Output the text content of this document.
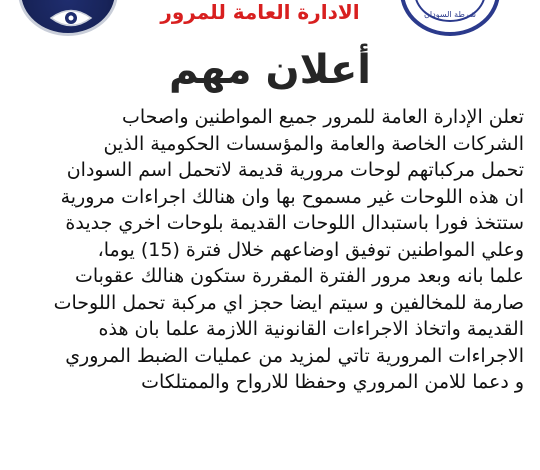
الادارة العامة للمرور	شرطة السودان
أعلان مهم
تعلن الإدارة العامة للمرور جميع المواطنين واصحاب
الشركات الخاصة والعامة والمؤسسات الحكومية الذين
تحمل مركباتهم لوحات مرورية قديمة لاتحمل اسم السودان
ان هذه اللوحات غير مسموح بها وان هنالك اجراءات مرورية
ستتخذ فورا باستبدال اللوحات القديمة بلوحات اخري جديدة
وعلي المواطنين توفيق اوضاعهم خلال فترة (15) يوما،
علما بانه وبعد مرور الفترة المقررة ستكون هنالك عقوبات
صارمة للمخالفين و سيتم ايضا حجز اي مركبة تحمل اللوحات
القديمة واتخاذ الاجراءات القانونية اللازمة علما بان هذه
الاجراءات المرورية تاتي لمزيد من عمليات الضبط المروري
و دعما للامن المروري وحفظا للارواح والممتلكات
